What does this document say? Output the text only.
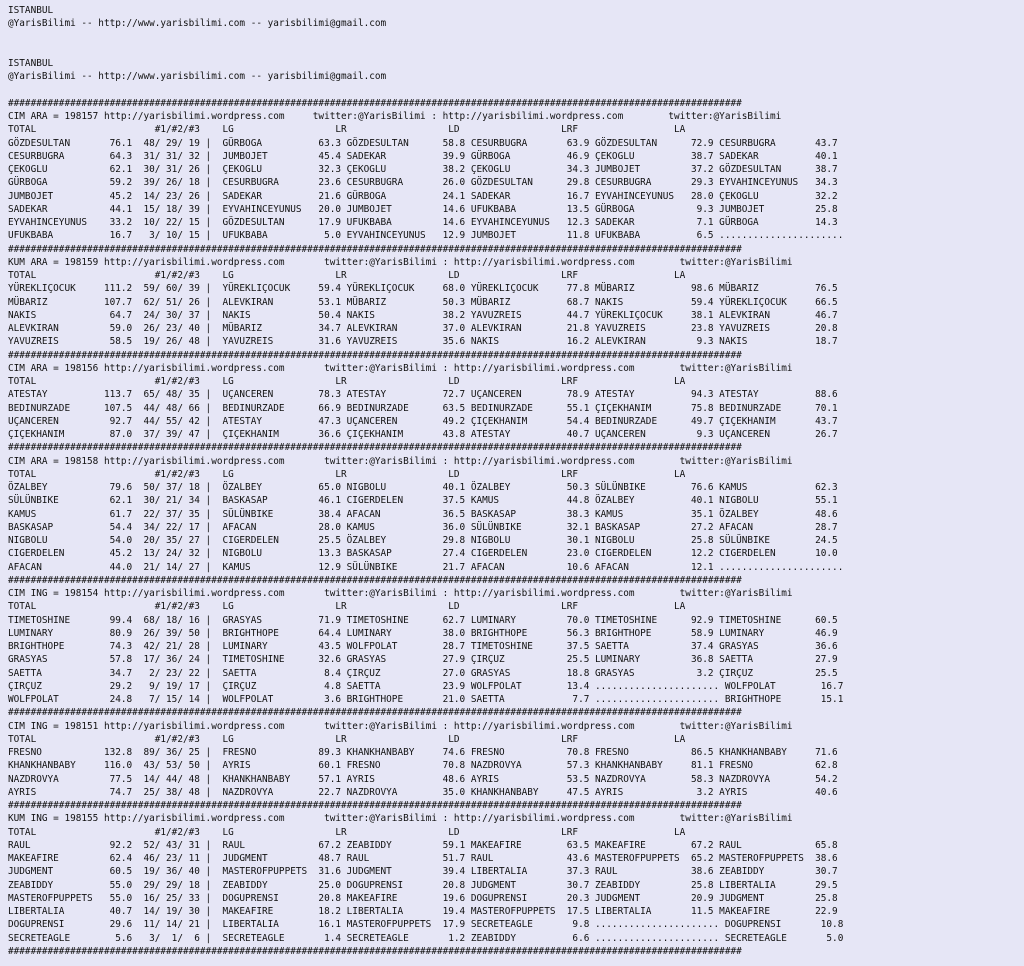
ISTANBUL
@YarisBilimi -- http://www.yarisbilimi.com -- yarisbilimi@gmail.com

ISTANBUL
@YarisBilimi -- http://www.yarisbilimi.com -- yarisbilimi@gmail.com

##################################################################################################################################
CIM ARA = 198157 http://yarisbilimi.wordpress.com     twitter:@YarisBilimi : http://yarisbilimi.wordpress.com        twitter:@YarisBilimi
TOTAL                     #1/#2/#3    LG                  LR                  LD                  LRF                 LA
GÖZDESULTAN       76.1  48/ 29/ 19 |  GÜRBOGA          63.3 GÖZDESULTAN      58.8 CESURBUGRA       63.9 GÖZDESULTAN      72.9 CESURBUGRA       43.7
CESURBUGRA        64.3  31/ 31/ 32 |  JUMBOJET         45.4 SADEKAR          39.9 GÜRBOGA          46.9 ÇEKOGLU          38.7 SADEKAR          40.1
ÇEKOGLU           62.1  30/ 31/ 26 |  ÇEKOGLU          32.3 ÇEKOGLU          38.2 ÇEKOGLU          34.3 JUMBOJET         37.2 GÖZDESULTAN      38.7
GÜRBOGA           59.2  39/ 26/ 18 |  CESURBUGRA       23.6 CESURBUGRA       26.0 GÖZDESULTAN      29.8 CESURBUGRA       29.3 EYVAHINCEYUNUS   34.3
JUMBOJET          45.2  14/ 23/ 26 |  SADEKAR          21.6 GÜRBOGA          24.1 SADEKAR          16.7 EYVAHINCEYUNUS   28.0 ÇEKOGLU          32.2
SADEKAR           44.1  15/ 18/ 39 |  EYVAHINCEYUNUS   20.0 JUMBOJET         14.6 UFUKBABA         13.5 GÜRBOGA           9.3 JUMBOJET         25.8
EYVAHINCEYUNUS    33.2  10/ 22/ 15 |  GÖZDESULTAN      17.9 UFUKBABA         14.6 EYVAHINCEYUNUS   12.3 SADEKAR           7.1 GÜRBOGA          14.3
UFUKBABA          16.7   3/ 10/ 15 |  UFUKBABA          5.0 EYVAHINCEYUNUS   12.9 JUMBOJET         11.8 UFUKBABA          6.5 ......................
##################################################################################################################################
KUM ARA = 198159 http://yarisbilimi.wordpress.com       twitter:@YarisBilimi : http://yarisbilimi.wordpress.com        twitter:@YarisBilimi
TOTAL                     #1/#2/#3    LG                  LR                  LD                  LRF                 LA
YÜREKLIÇOCUK     111.2  59/ 60/ 39 |  YÜREKLIÇOCUK     59.4 YÜREKLIÇOCUK     68.0 YÜREKLIÇOCUK     77.8 MÜBARIZ          98.6 MÜBARIZ          76.5
MÜBARIZ          107.7  62/ 51/ 26 |  ALEVKIRAN        53.1 MÜBARIZ          50.3 MÜBARIZ          68.7 NAKIS            59.4 YÜREKLIÇOCUK     66.5
NAKIS             64.7  24/ 30/ 37 |  NAKIS            50.4 NAKIS            38.2 YAVUZREIS        44.7 YÜREKLIÇOCUK     38.1 ALEVKIRAN        46.7
ALEVKIRAN         59.0  26/ 23/ 40 |  MÜBARIZ          34.7 ALEVKIRAN        37.0 ALEVKIRAN        21.8 YAVUZREIS        23.8 YAVUZREIS        20.8
YAVUZREIS         58.5  19/ 26/ 48 |  YAVUZREIS        31.6 YAVUZREIS        35.6 NAKIS            16.2 ALEVKIRAN         9.3 NAKIS            18.7
##################################################################################################################################
CIM ARA = 198156 http://yarisbilimi.wordpress.com       twitter:@YarisBilimi : http://yarisbilimi.wordpress.com        twitter:@YarisBilimi
TOTAL                     #1/#2/#3    LG                  LR                  LD                  LRF                 LA
ATESTAY          113.7  65/ 48/ 35 |  UÇANCEREN        78.3 ATESTAY          72.7 UÇANCEREN        78.9 ATESTAY          94.3 ATESTAY          88.6
BEDINURZADE      107.5  44/ 48/ 66 |  BEDINURZADE      66.9 BEDINURZADE      63.5 BEDINURZADE      55.1 ÇIÇEKHANIM       75.8 BEDINURZADE      70.1
UÇANCEREN         92.7  44/ 55/ 42 |  ATESTAY          47.3 UÇANCEREN        49.2 ÇIÇEKHANIM       54.4 BEDINURZADE      49.7 ÇIÇEKHANIM       43.7
ÇIÇEKHANIM        87.0  37/ 39/ 47 |  ÇIÇEKHANIM       36.6 ÇIÇEKHANIM       43.8 ATESTAY          40.7 UÇANCEREN         9.3 UÇANCEREN        26.7
##################################################################################################################################
CIM ARA = 198158 http://yarisbilimi.wordpress.com       twitter:@YarisBilimi : http://yarisbilimi.wordpress.com        twitter:@YarisBilimi
TOTAL                     #1/#2/#3    LG                  LR                  LD                  LRF                 LA
ÖZALBEY           79.6  50/ 37/ 18 |  ÖZALBEY          65.0 NIGBOLU          40.1 ÖZALBEY          50.3 SÜLÜNBIKE        76.6 KAMUS            62.3
SÜLÜNBIKE         62.1  30/ 21/ 34 |  BASKASAP         46.1 CIGERDELEN       37.5 KAMUS            44.8 ÖZALBEY          40.1 NIGBOLU          55.1
KAMUS             61.7  22/ 37/ 35 |  SÜLÜNBIKE        38.4 AFACAN           36.5 BASKASAP         38.3 KAMUS            35.1 ÖZALBEY          48.6
BASKASAP          54.4  34/ 22/ 17 |  AFACAN           28.0 KAMUS            36.0 SÜLÜNBIKE        32.1 BASKASAP         27.2 AFACAN           28.7
NIGBOLU           54.0  20/ 35/ 27 |  CIGERDELEN       25.5 ÖZALBEY          29.8 NIGBOLU          30.1 NIGBOLU          25.8 SÜLÜNBIKE        24.5
CIGERDELEN        45.2  13/ 24/ 32 |  NIGBOLU          13.3 BASKASAP         27.4 CIGERDELEN       23.0 CIGERDELEN       12.2 CIGERDELEN       10.0
AFACAN            44.0  21/ 14/ 27 |  KAMUS            12.9 SÜLÜNBIKE        21.7 AFACAN           10.6 AFACAN           12.1 ......................
##################################################################################################################################
CIM ING = 198154 http://yarisbilimi.wordpress.com       twitter:@YarisBilimi : http://yarisbilimi.wordpress.com        twitter:@YarisBilimi
TOTAL                     #1/#2/#3    LG                  LR                  LD                  LRF                 LA
TIMETOSHINE       99.4  68/ 18/ 16 |  GRASYAS          71.9 TIMETOSHINE      62.7 LUMINARY         70.0 TIMETOSHINE      92.9 TIMETOSHINE      60.5
LUMINARY          80.9  26/ 39/ 50 |  BRIGHTHOPE       64.4 LUMINARY         38.0 BRIGHTHOPE       56.3 BRIGHTHOPE       58.9 LUMINARY         46.9
BRIGHTHOPE        74.3  42/ 21/ 28 |  LUMINARY         43.5 WOLFPOLAT        28.7 TIMETOSHINE      37.5 SAETTA           37.4 GRASYAS          36.6
GRASYAS           57.8  17/ 36/ 24 |  TIMETOSHINE      32.6 GRASYAS          27.9 ÇIRÇUZ           25.5 LUMINARY         36.8 SAETTA           27.9
SAETTA            34.7   2/ 23/ 22 |  SAETTA            8.4 ÇIRÇUZ           27.0 GRASYAS          18.8 GRASYAS           3.2 ÇIRÇUZ           25.5
ÇIRÇUZ            29.2   9/ 19/ 17 |  ÇIRÇUZ            4.8 SAETTA           23.9 WOLFPOLAT        13.4 ...................... WOLFPOLAT        16.7
WOLFPOLAT         24.8   7/ 15/ 14 |  WOLFPOLAT         3.6 BRIGHTHOPE       21.0 SAETTA            7.7 ...................... BRIGHTHOPE       15.1
##################################################################################################################################
CIM ING = 198151 http://yarisbilimi.wordpress.com       twitter:@YarisBilimi : http://yarisbilimi.wordpress.com        twitter:@YarisBilimi
TOTAL                     #1/#2/#3    LG                  LR                  LD                  LRF                 LA
FRESNO           132.8  89/ 36/ 25 |  FRESNO           89.3 KHANKHANBABY     74.6 FRESNO           70.8 FRESNO           86.5 KHANKHANBABY     71.6
KHANKHANBABY     116.0  43/ 53/ 50 |  AYRIS            60.1 FRESNO           70.8 NAZDROVYA        57.3 KHANKHANBABY     81.1 FRESNO           62.8
NAZDROVYA         77.5  14/ 44/ 48 |  KHANKHANBABY     57.1 AYRIS            48.6 AYRIS            53.5 NAZDROVYA        58.3 NAZDROVYA        54.2
AYRIS             74.7  25/ 38/ 48 |  NAZDROVYA        22.7 NAZDROVYA        35.0 KHANKHANBABY     47.5 AYRIS             3.2 AYRIS            40.6
##################################################################################################################################
KUM ING = 198155 http://yarisbilimi.wordpress.com       twitter:@YarisBilimi : http://yarisbilimi.wordpress.com        twitter:@YarisBilimi
TOTAL                     #1/#2/#3    LG                  LR                  LD                  LRF                 LA
RAUL              92.2  52/ 43/ 31 |  RAUL             67.2 ZEABIDDY         59.1 MAKEAFIRE        63.5 MAKEAFIRE        67.2 RAUL             65.8
MAKEAFIRE         62.4  46/ 23/ 11 |  JUDGMENT         48.7 RAUL             51.7 RAUL             43.6 MASTEROFPUPPETS  65.2 MASTEROFPUPPETS  38.6
JUDGMENT          60.5  19/ 36/ 40 |  MASTEROFPUPPETS  31.6 JUDGMENT         39.4 LIBERTALIA       37.3 RAUL             38.6 ZEABIDDY         30.7
ZEABIDDY          55.0  29/ 29/ 18 |  ZEABIDDY         25.0 DOGUPRENSI       20.8 JUDGMENT         30.7 ZEABIDDY         25.8 LIBERTALIA       29.5
MASTEROFPUPPETS   55.0  16/ 25/ 33 |  DOGUPRENSI       20.8 MAKEAFIRE        19.6 DOGUPRENSI       20.3 JUDGMENT         20.9 JUDGMENT         25.8
LIBERTALIA        40.7  14/ 19/ 30 |  MAKEAFIRE        18.2 LIBERTALIA       19.4 MASTEROFPUPPETS  17.5 LIBERTALIA       11.5 MAKEAFIRE        22.9
DOGUPRENSI        29.6  11/ 14/ 21 |  LIBERTALIA       16.1 MASTEROFPUPPETS  17.9 SECRETEAGLE       9.8 ...................... DOGUPRENSI       10.8
SECRETEAGLE        5.6   3/  1/  6 |  SECRETEAGLE       1.4 SECRETEAGLE       1.2 ZEABIDDY          6.6 ...................... SECRETEAGLE       5.0
##################################################################################################################################
